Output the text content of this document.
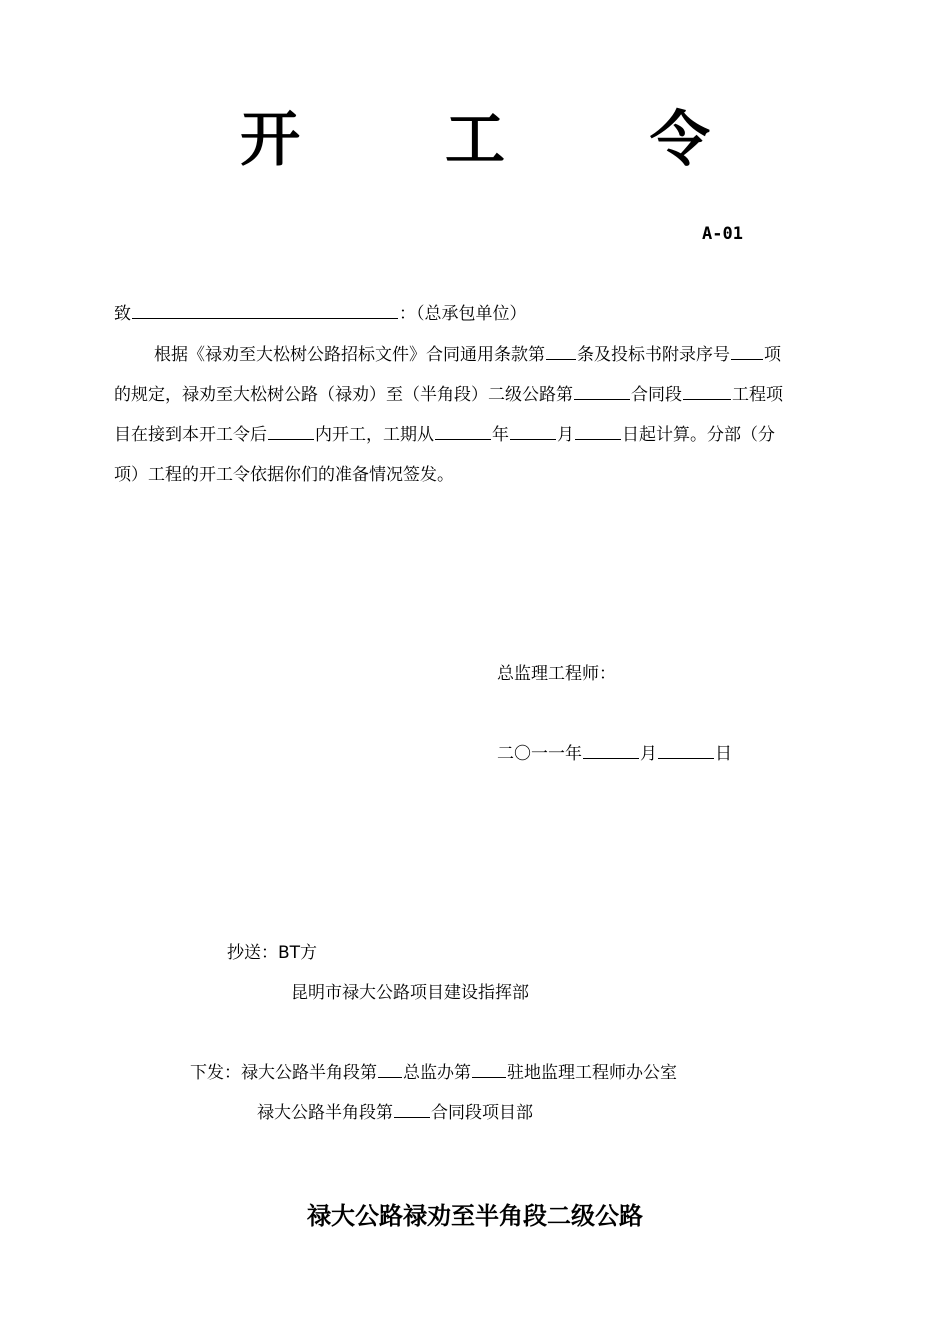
开 工 令
A-01
致	：（总承包单位）
根据《禄劝至大松树公路招标文件》合同通用条款第 条及投标书附录序号 项
的规定，禄劝至大松树公路（禄劝）至（半角段）二级公路第	合同段	工程项
目在接到本开工令后	内开工，工期从	年	月	日起计算。分部（分
项）工程的开工令依据你们的准备情况签发。
总监理工程师：
二〇一一年	月	日
抄送：BT方
昆明市禄大公路项目建设指挥部
下发：禄大公路半角段第 总监办第 驻地监理工程师办公室
禄大公路半角段第 合同段项目部
禄大公路禄劝至半角段二级公路
